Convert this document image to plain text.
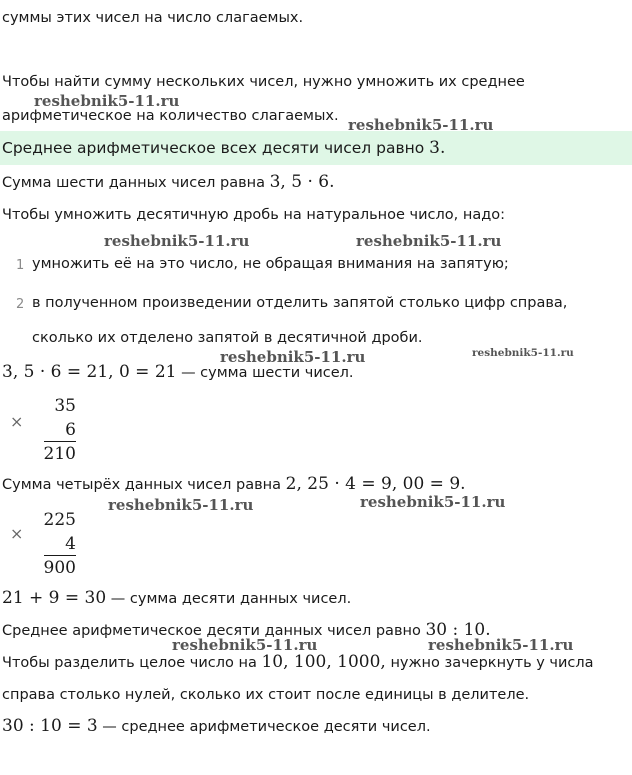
суммы этих чисел на число слагаемых.
Чтобы найти сумму нескольких чисел, нужно умножить их среднее
арифметическое на количество слагаемых.
Среднее арифметическое всех десяти чисел равно 3.
Сумма шести данных чисел равна 3, 5 · 6.
Чтобы умножить десятичную дробь на натуральное число, надо:
1 умножить её на это число, не обращая внимания на запятую;
2 в полученном произведении отделить запятой столько цифр справа,
сколько их отделено запятой в десятичной дроби.
3, 5 · 6 = 21, 0 = 21 — сумма шести чисел.
×
35
6
210
Сумма четырёх данных чисел равна 2, 25 · 4 = 9, 00 = 9.
×
225
4
900
21 + 9 = 30 — сумма десяти данных чисел.
Среднее арифметическое десяти данных чисел равно 30 : 10.
Чтобы разделить целое число на 10, 100, 1000, нужно зачеркнуть у числа
справа столько нулей, сколько их стоит после единицы в делителе.
30 : 10 = 3 — среднее арифметическое десяти чисел.
reshebnik5-11.ru
reshebnik5-11.ru
reshebnik5-11.ru	reshebnik5-11.ru
reshebnik5-11.ru	reshebnik5-11.ru
reshebnik5-11.ru	reshebnik5-11.ru
reshebnik5-11.ru	reshebnik5-11.ru
